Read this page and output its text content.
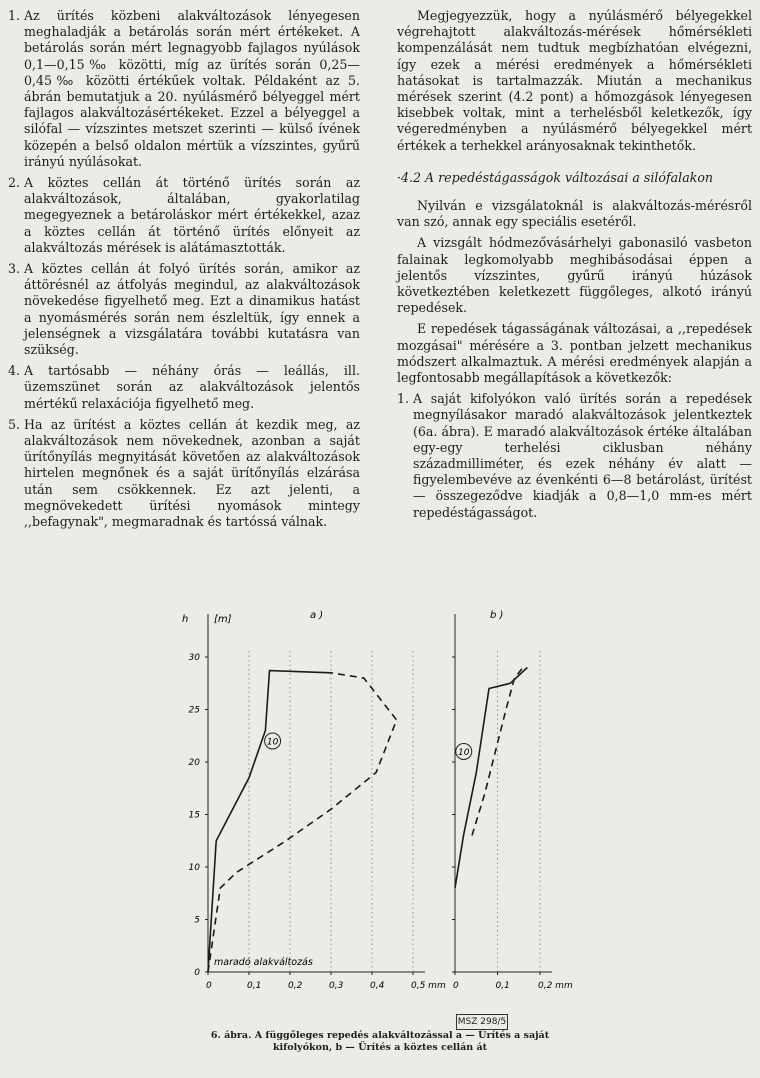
1. Az ürítés közbeni alakváltozások lényegesen meghaladják a betárolás során mért értékeket. A betárolás során mért legnagyobb fajlagos nyúlások 0,1—0,15‰ közötti, míg az ürítés során 0,25—0,45‰ közötti értékűek voltak. Példaként az 5. ábrán bemutatjuk a 20. nyúlásmérő bélyeggel mért fajlagos alakváltozásértékeket. Ezzel a bélyeggel a silófal — vízszintes metszet szerinti — külső ívének közepén a belső oldalon mértük a vízszintes, gyűrű irányú nyúlásokat.
2. A köztes cellán át történő ürítés során az alakváltozások, általában, gyakorlatilag megegyeznek a betároláskor mért értékekkel, azaz a köztes cellán át történő ürítés előnyeit az alakváltozás mérések is alátámasztották.
3. A köztes cellán át folyó ürítés során, amikor az áttörésnél az átfolyás megindul, az alakváltozások növekedése figyelhető meg. Ezt a dinamikus hatást a nyomásmérés során nem észleltük, így ennek a jelenségnek a vizsgálatára további kutatásra van szükség.
4. A tartósabb — néhány órás — leállás, ill. üzemszünet során az alakváltozások jelentős mértékű relaxációja figyelhető meg.
5. Ha az ürítést a köztes cellán át kezdik meg, az alakváltozások nem növekednek, azonban a saját ürítőnyílás megnyitását követően az alakváltozások hirtelen megnőnek és a saját ürítőnyílás elzárása után sem csökkennek. Ez azt jelenti, a megnövekedett ürítési nyomások mintegy ,,befagynak", megmaradnak és tartóssá válnak.

Megjegyezzük, hogy a nyúlásmérő bélyegekkel végrehajtott alakváltozás-mérések hőmérsékleti kompenzálását nem tudtuk megbízhatóan elvégezni, így ezek a mérési eredmények a hőmérsékleti hatásokat is tartalmazzák. Miután a mechanikus mérések szerint (4.2 pont) a hőmozgások lényegesen kisebbek voltak, mint a terhelésből keletkezők, így végeredményben a nyúlásmérő bélyegekkel mért értékek a terhekkel arányosaknak tekinthetők.

·4.2 A repedéstágasságok változásai a silófalakon

Nyilván e vizsgálatoknál is alakváltozás-mérésről van szó, annak egy speciális esetéről.

A vizsgált hódmezővásárhelyi gabonasiló vasbeton falainak legkomolyabb meghibásodásai éppen a jelentős vízszintes, gyűrű irányú húzások következtében keletkezett függőleges, alkotó irányú repedések.

E repedések tágasságának változásai, a ,,repedések mozgásai" mérésére a 3. pontban jelzett mechanikus módszert alkalmaztuk. A mérési eredmények alapján a legfontosabb megállapítások a következők:

1. A saját kifolyókon való ürítés során a repedések megnyílásakor maradó alakváltozások jelentkeztek (6a. ábra). E maradó alakváltozások értéke általában egy-egy terhelési ciklusban néhány századmilliméter, és ezek néhány év alatt — figyelembevéve az évenkénti 6—8 betárolást, ürítést — összegeződve kiadják a 0,8—1,0 mm-es mért repedéstágasságot.
h	[m]	a )	b )
maradó alakváltozás
0	0,1	0,2	0,3	0,4	0,5 mm
0
5
10
15
20
25
30
10
0	0,1	0,2 mm
10
MSZ 298/5
6. ábra. A függőleges repedés alakváltozással a — Ürítés a saját kifolyókon, b — Ürítés a köztes cellán át
